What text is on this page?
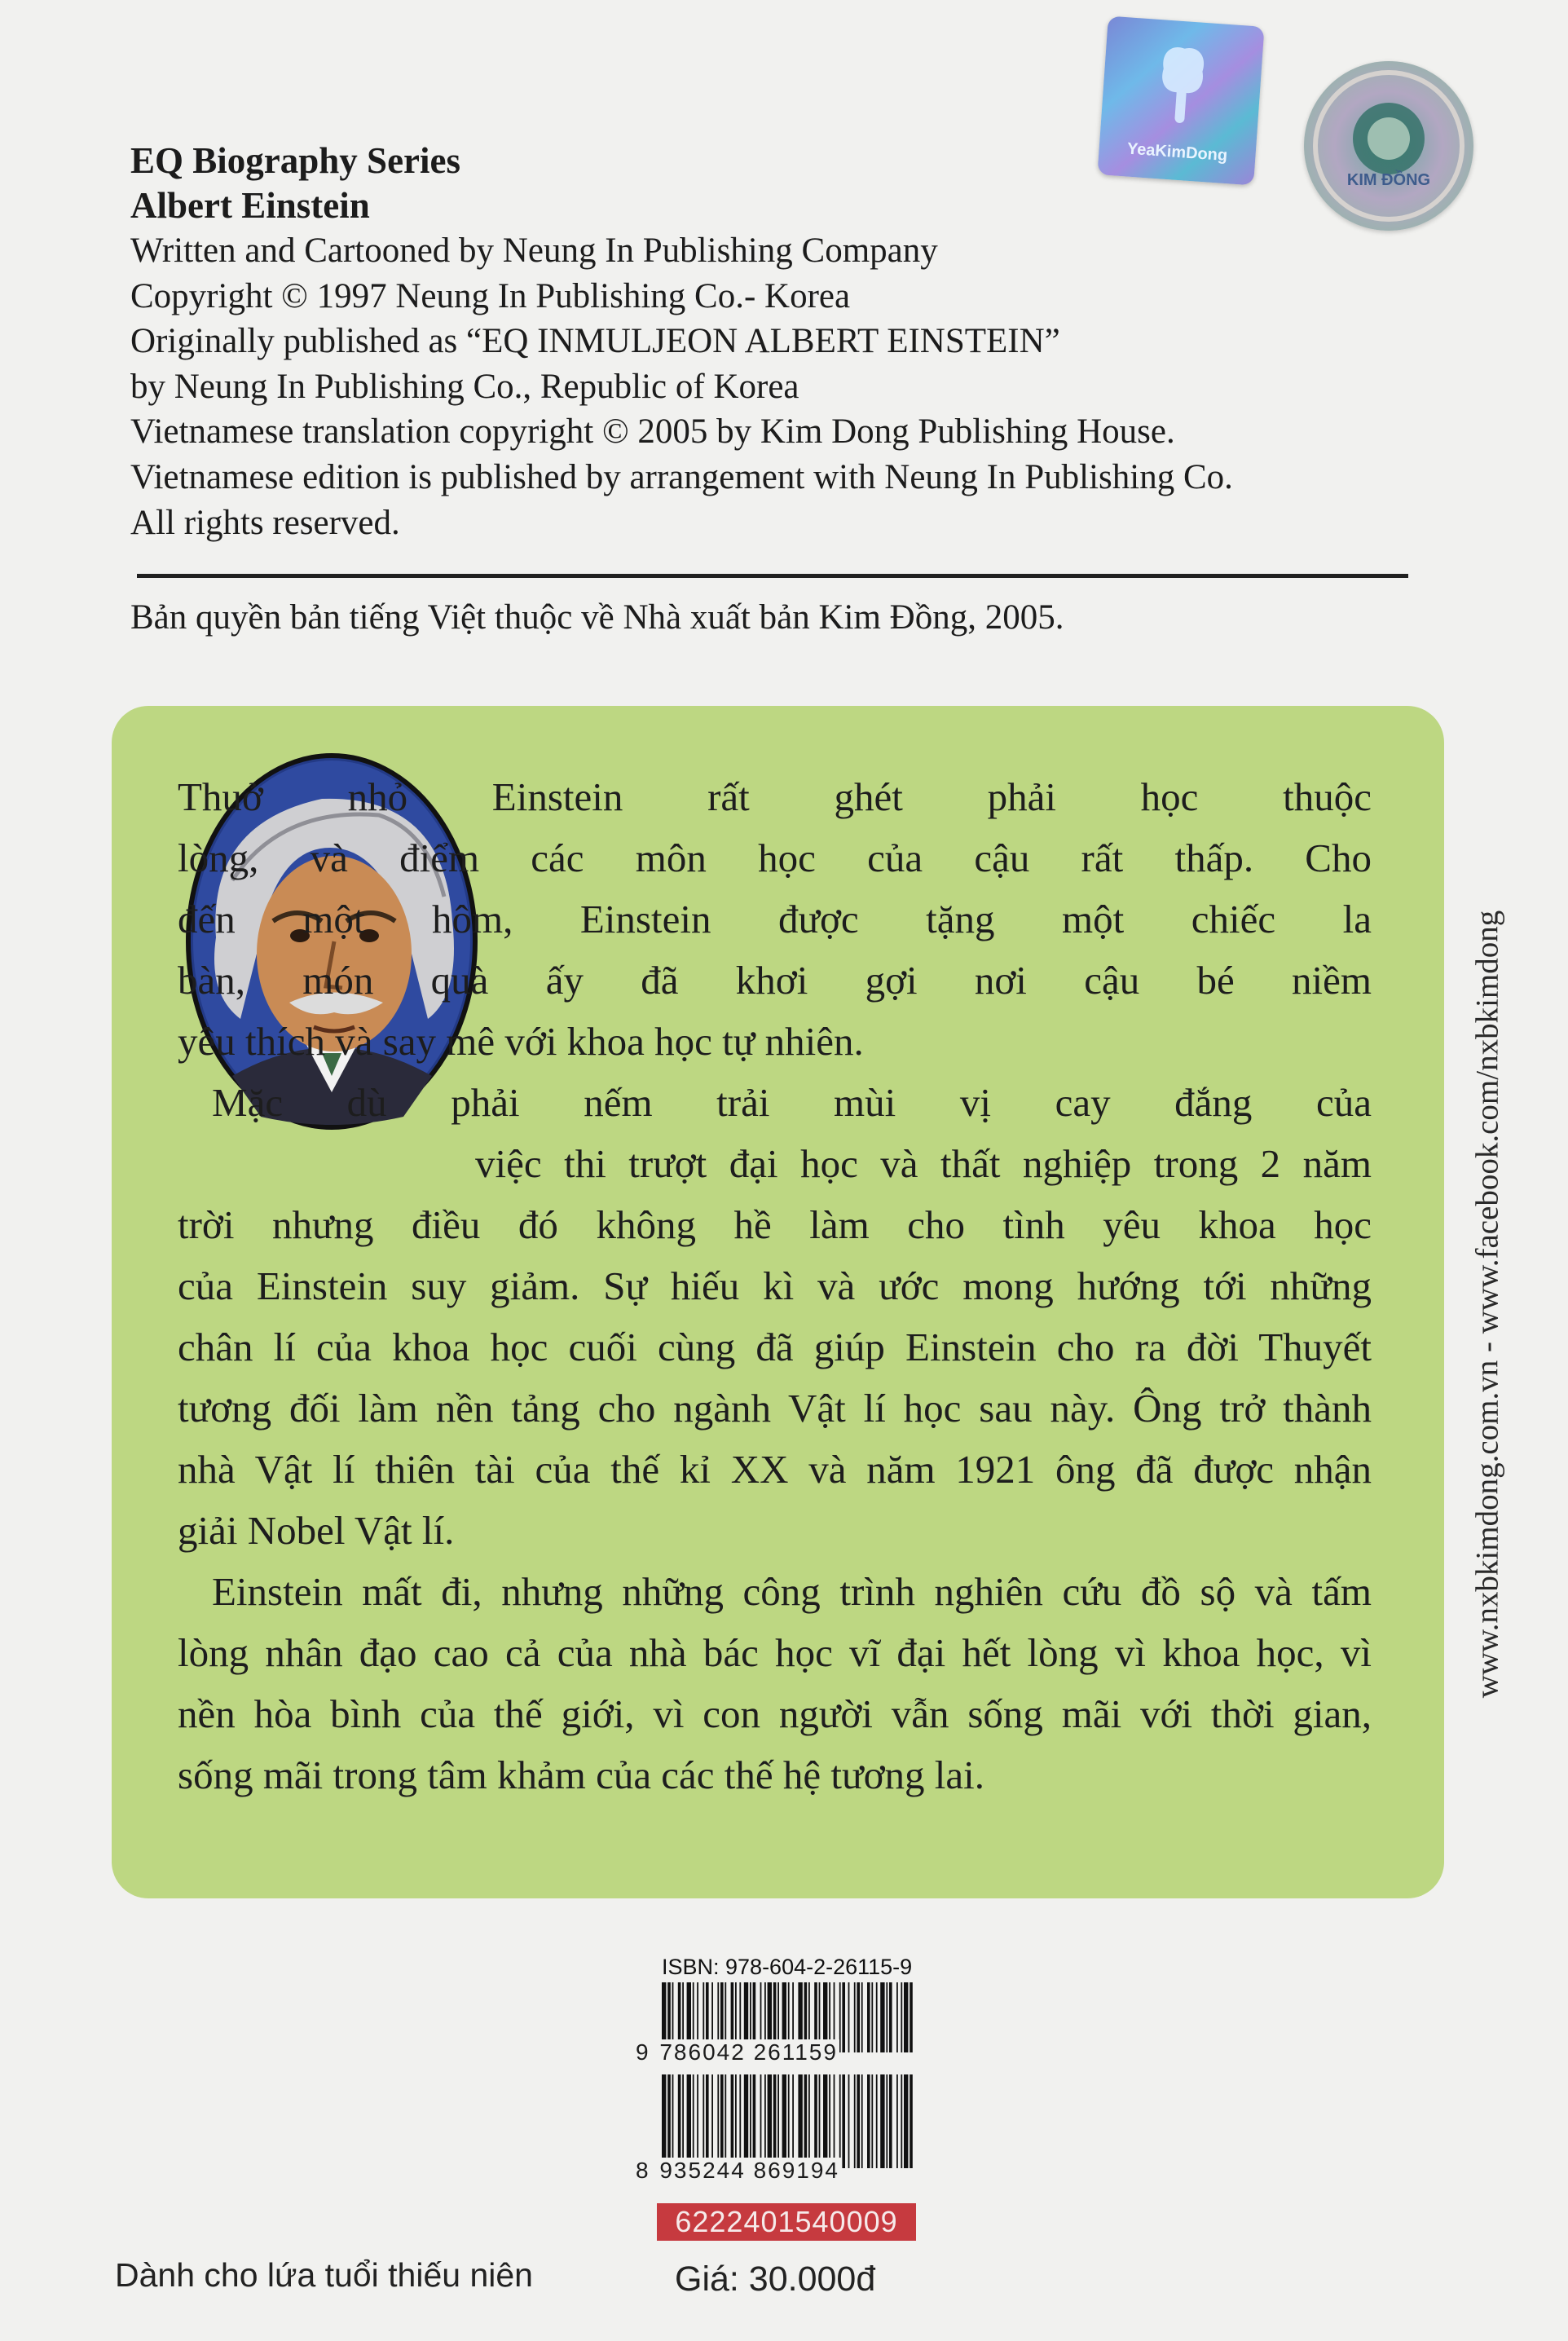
YeaKimDong
KIM ĐỒNG
EQ Biography Series
Albert Einstein
Written and Cartooned by Neung In Publishing Company
Copyright © 1997 Neung In Publishing Co.- Korea
Originally published as “EQ INMULJEON ALBERT EINSTEIN”
by Neung In Publishing Co., Republic of Korea
Vietnamese translation copyright © 2005 by Kim Dong Publishing House.
Vietnamese edition is published by arrangement with Neung In Publishing Co.
All rights reserved.
Bản quyền bản tiếng Việt thuộc về Nhà xuất bản Kim Đồng, 2005.

Thuở nhỏ Einstein rất ghét phải học thuộc

lòng, và điểm các môn học của cậu rất thấp. Cho

đến một hôm, Einstein được tặng một chiếc la

bàn, món quà ấy đã khơi gợi nơi cậu bé niềm

yêu thích và say mê với khoa học tự nhiên.

Mặc dù phải nếm trải mùi vị cay đắng của

việc thi trượt đại học và thất nghiệp trong 2 năm

trời nhưng điều đó không hề làm cho tình yêu khoa học

của Einstein suy giảm. Sự hiếu kì và ước mong hướng tới những

chân lí của khoa học cuối cùng đã giúp Einstein cho ra đời Thuyết

tương đối làm nền tảng cho ngành Vật lí học sau này. Ông trở thành

nhà Vật lí thiên tài của thế kỉ XX và năm 1921 ông đã được nhận

giải Nobel Vật lí.

Einstein mất đi, nhưng những công trình nghiên cứu đồ sộ và tấm

lòng nhân đạo cao cả của nhà bác học vĩ đại hết lòng vì khoa học, vì

nền hòa bình của thế giới, vì con người vẫn sống mãi với thời gian,

sống mãi trong tâm khảm của các thế hệ tương lai.

www.nxbkimdong.com.vn - www.facebook.com/nxbkimdong
ISBN: 978-604-2-26115-9
9 786042 261159
8 935244 869194
6222401540009
Dành cho lứa tuổi thiếu niên	Giá: 30.000đ
